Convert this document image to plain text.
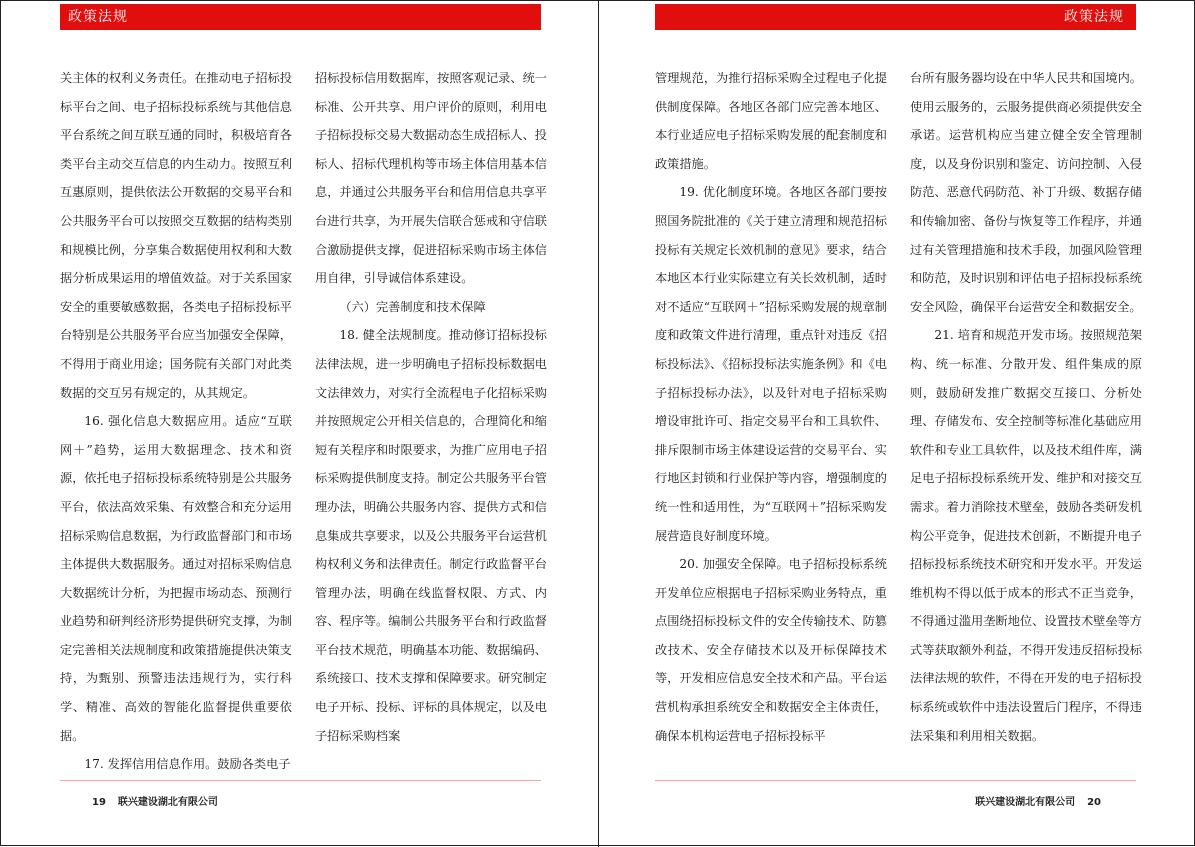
政策法规

关主体的权利义务责任。在推动电子招标投标平台之间、电子招标投标系统与其他信息平台系统之间互联互通的同时，积极培育各类平台主动交互信息的内生动力。按照互利互惠原则，提供依法公开数据的交易平台和公共服务平台可以按照交互数据的结构类别和规模比例，分享集合数据使用权利和大数据分析成果运用的增值效益。对于关系国家安全的重要敏感数据，各类电子招标投标平台特别是公共服务平台应当加强安全保障，不得用于商业用途；国务院有关部门对此类数据的交互另有规定的，从其规定。

16. 强化信息大数据应用。适应“互联网＋”趋势，运用大数据理念、技术和资源，依托电子招标投标系统特别是公共服务平台，依法高效采集、有效整合和充分运用招标采购信息数据，为行政监督部门和市场主体提供大数据服务。通过对招标采购信息大数据统计分析，为把握市场动态、预测行业趋势和研判经济形势提供研究支撑，为制定完善相关法规制度和政策措施提供决策支持，为甄别、预警违法违规行为，实行科学、精准、高效的智能化监督提供重要依据。

17. 发挥信用信息作用。鼓励各类电子

招标投标信用数据库，按照客观记录、统一标准、公开共享、用户评价的原则，利用电子招标投标交易大数据动态生成招标人、投标人、招标代理机构等市场主体信用基本信息，并通过公共服务平台和信用信息共享平台进行共享，为开展失信联合惩戒和守信联合激励提供支撑，促进招标采购市场主体信用自律，引导诚信体系建设。

（六）完善制度和技术保障

18. 健全法规制度。推动修订招标投标法律法规，进一步明确电子招标投标数据电文法律效力，对实行全流程电子化招标采购并按照规定公开相关信息的，合理简化和缩短有关程序和时限要求，为推广应用电子招标采购提供制度支持。制定公共服务平台管理办法，明确公共服务内容、提供方式和信息集成共享要求，以及公共服务平台运营机构权利义务和法律责任。制定行政监督平台管理办法，明确在线监督权限、方式、内容、程序等。编制公共服务平台和行政监督平台技术规范，明确基本功能、数据编码、系统接口、技术支撑和保障要求。研究制定电子开标、投标、评标的具体规定，以及电子招标采购档案

19 联兴建设湖北有限公司
政策法规

管理规范，为推行招标采购全过程电子化提供制度保障。各地区各部门应完善本地区、本行业适应电子招标采购发展的配套制度和政策措施。

19. 优化制度环境。各地区各部门要按照国务院批准的《关于建立清理和规范招标投标有关规定长效机制的意见》要求，结合本地区本行业实际建立有关长效机制，适时对不适应“互联网＋”招标采购发展的规章制度和政策文件进行清理，重点针对违反《招标投标法》、《招标投标法实施条例》和《电子招标投标办法》，以及针对电子招标采购增设审批许可、指定交易平台和工具软件、排斥限制市场主体建设运营的交易平台、实行地区封锁和行业保护等内容，增强制度的统一性和适用性，为“互联网＋”招标采购发展营造良好制度环境。

20. 加强安全保障。电子招标投标系统开发单位应根据电子招标采购业务特点，重点围绕招标投标文件的安全传输技术、防篡改技术、安全存储技术以及开标保障技术等，开发相应信息安全技术和产品。平台运营机构承担系统安全和数据安全主体责任，确保本机构运营电子招标投标平

台所有服务器均设在中华人民共和国境内。使用云服务的，云服务提供商必须提供安全承诺。运营机构应当建立健全安全管理制度，以及身份识别和鉴定、访问控制、入侵防范、恶意代码防范、补丁升级、数据存储和传输加密、备份与恢复等工作程序，并通过有关管理措施和技术手段，加强风险管理和防范，及时识别和评估电子招标投标系统安全风险，确保平台运营安全和数据安全。

21. 培育和规范开发市场。按照规范架构、统一标准、分散开发、组件集成的原则，鼓励研发推广数据交互接口、分析处理、存储发布、安全控制等标准化基础应用软件和专业工具软件，以及技术组件库，满足电子招标投标系统开发、维护和对接交互需求。着力消除技术壁垒，鼓励各类研发机构公平竞争，促进技术创新，不断提升电子招标投标系统技术研究和开发水平。开发运维机构不得以低于成本的形式不正当竞争，不得通过滥用垄断地位、设置技术壁垒等方式等获取额外利益，不得开发违反招标投标法律法规的软件，不得在开发的电子招标投标系统或软件中违法设置后门程序，不得违法采集和利用相关数据。

联兴建设湖北有限公司 20
